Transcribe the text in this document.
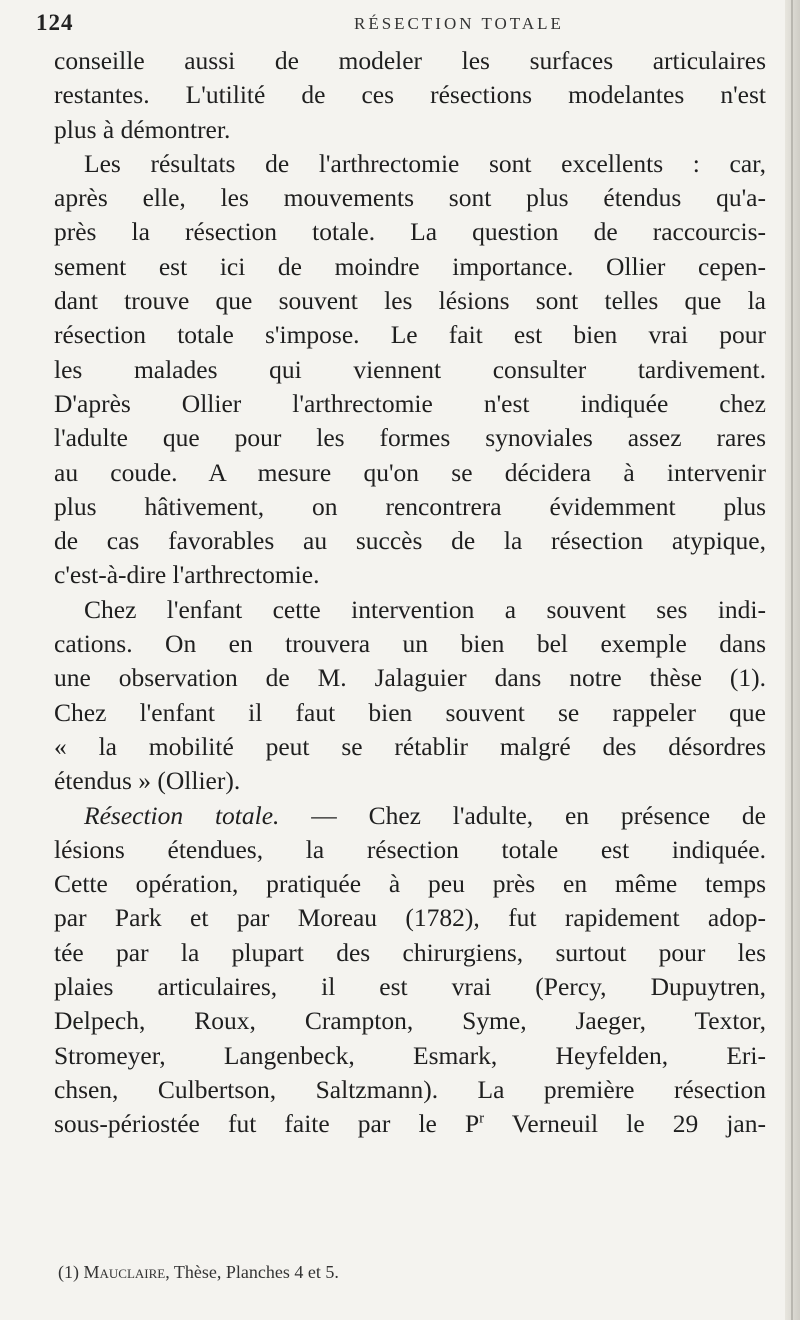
124	RÉSECTION TOTALE
conseille aussi de modeler les surfaces articulaires
restantes. L'utilité de ces résections modelantes n'est
plus à démontrer.
Les résultats de l'arthrectomie sont excellents : car,
après elle, les mouvements sont plus étendus qu'a-
près la résection totale. La question de raccourcis-
sement est ici de moindre importance. Ollier cepen-
dant trouve que souvent les lésions sont telles que la
résection totale s'impose. Le fait est bien vrai pour
les malades qui viennent consulter tardivement.
D'après Ollier l'arthrectomie n'est indiquée chez
l'adulte que pour les formes synoviales assez rares
au coude. A mesure qu'on se décidera à intervenir
plus hâtivement, on rencontrera évidemment plus
de cas favorables au succès de la résection atypique,
c'est-à-dire l'arthrectomie.
Chez l'enfant cette intervention a souvent ses indi-
cations. On en trouvera un bien bel exemple dans
une observation de M. Jalaguier dans notre thèse (1).
Chez l'enfant il faut bien souvent se rappeler que
« la mobilité peut se rétablir malgré des désordres
étendus » (Ollier).
Résection totale. — Chez l'adulte, en présence de
lésions étendues, la résection totale est indiquée.
Cette opération, pratiquée à peu près en même temps
par Park et par Moreau (1782), fut rapidement adop-
tée par la plupart des chirurgiens, surtout pour les
plaies articulaires, il est vrai (Percy, Dupuytren,
Delpech, Roux, Crampton, Syme, Jaeger, Textor,
Stromeyer, Langenbeck, Esmark, Heyfelden, Eri-
chsen, Culbertson, Saltzmann). La première résection
sous-périostée fut faite par le $P^r$ Verneuil le 29 jan-
(1) Mauclaire, Thèse, Planches 4 et 5.
